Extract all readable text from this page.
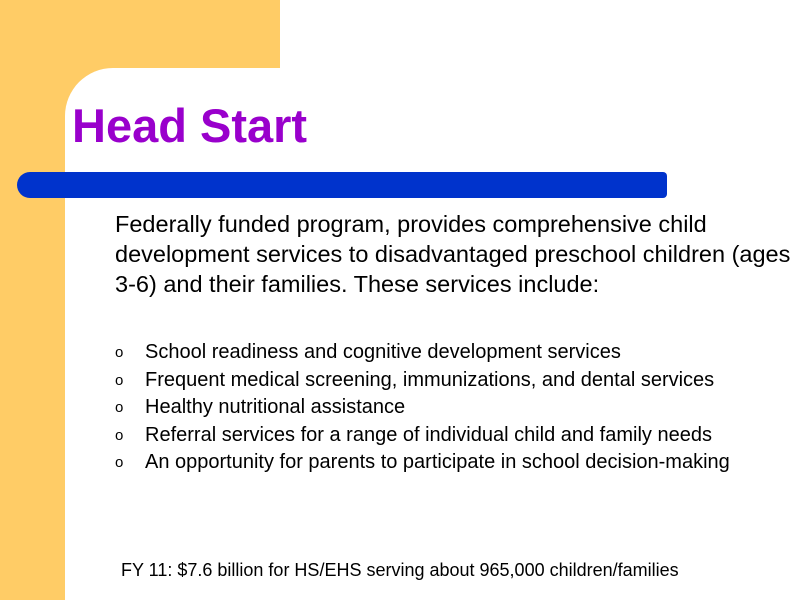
Head Start

Federally funded program, provides comprehensive child development services to disadvantaged preschool children (ages 3-6) and their families. These services include:

o School readiness and cognitive development services
o Frequent medical screening, immunizations, and dental services
o Healthy nutritional assistance
o Referral services for a range of individual child and family needs
o An opportunity for parents to participate in school decision-making

FY 11: $7.6 billion for HS/EHS serving about 965,000 children/families
